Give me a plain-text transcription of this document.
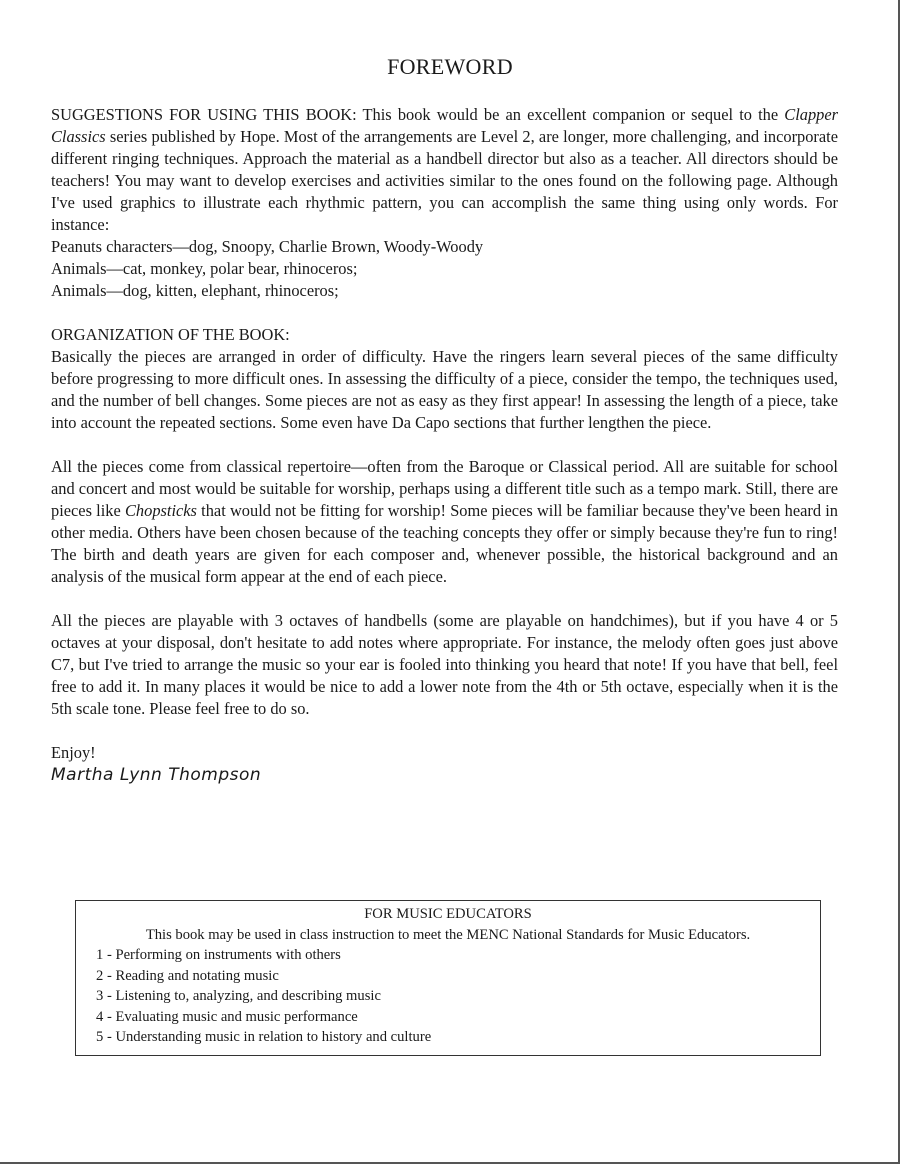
FOREWORD

SUGGESTIONS FOR USING THIS BOOK: This book would be an excellent companion or sequel to the Clapper Classics series published by Hope. Most of the arrangements are Level 2, are longer, more challenging, and incorporate different ringing techniques. Approach the material as a handbell director but also as a teacher. All directors should be teachers! You may want to develop exercises and activities similar to the ones found on the following page. Although I've used graphics to illustrate each rhythmic pattern, you can accomplish the same thing using only words. For instance:

Peanuts characters—dog, Snoopy, Charlie Brown, Woody-Woody
Animals—cat, monkey, polar bear, rhinoceros;
Animals—dog, kitten, elephant, rhinoceros;
ORGANIZATION OF THE BOOK:

Basically the pieces are arranged in order of difficulty. Have the ringers learn several pieces of the same difficulty before progressing to more difficult ones. In assessing the difficulty of a piece, consider the tempo, the techniques used, and the number of bell changes. Some pieces are not as easy as they first appear! In assessing the length of a piece, take into account the repeated sections. Some even have Da Capo sections that further lengthen the piece.

All the pieces come from classical repertoire—often from the Baroque or Classical period. All are suitable for school and concert and most would be suitable for worship, perhaps using a different title such as a tempo mark. Still, there are pieces like Chopsticks that would not be fitting for worship! Some pieces will be familiar because they've been heard in other media. Others have been chosen because of the teaching concepts they offer or simply because they're fun to ring! The birth and death years are given for each composer and, whenever possible, the historical background and an analysis of the musical form appear at the end of each piece.

All the pieces are playable with 3 octaves of handbells (some are playable on handchimes), but if you have 4 or 5 octaves at your disposal, don't hesitate to add notes where appropriate. For instance, the melody often goes just above C7, but I've tried to arrange the music so your ear is fooled into thinking you heard that note! If you have that bell, feel free to add it. In many places it would be nice to add a lower note from the 4th or 5th octave, especially when it is the 5th scale tone. Please feel free to do so.

Enjoy!
Martha Lynn Thompson
FOR MUSIC EDUCATORS
This book may be used in class instruction to meet the MENC National Standards for Music Educators.
1 - Performing on instruments with others
2 - Reading and notating music
3 - Listening to, analyzing, and describing music
4 - Evaluating music and music performance
5 - Understanding music in relation to history and culture
